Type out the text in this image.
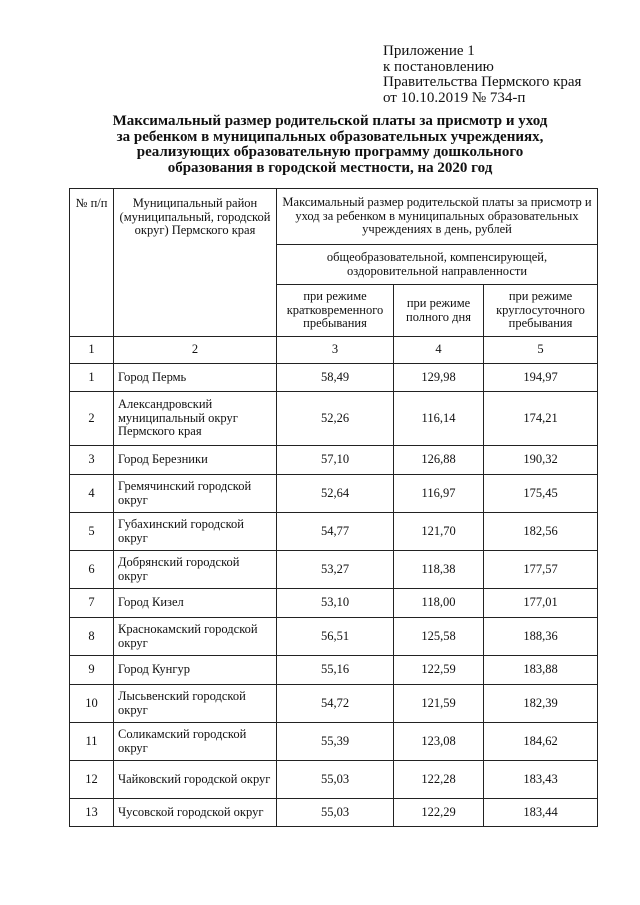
Приложение 1
к постановлению
Правительства Пермского края
от 10.10.2019 № 734-п
Максимальный размер родительской платы за присмотр и уход
за ребенком в муниципальных образовательных учреждениях,
реализующих образовательную программу дошкольного
образования в городской местности, на 2020 год
№ п/п	Муниципальный район (муниципальный, городской округ) Пермского края	Максимальный размер родительской платы за присмотр и уход за ребенком в муниципальных образовательных учреждениях в день, рублей		
		общеобразовательной, компенсирующей, оздоровительной направленности		
		при режиме кратковременного пребывания	при режиме полного дня	при режиме круглосуточного пребывания
1	2	3	4	5
1	Город Пермь	58,49	129,98	194,97
2	Александровский муниципальный округ Пермского края	52,26	116,14	174,21
3	Город Березники	57,10	126,88	190,32
4	Гремячинский городской округ	52,64	116,97	175,45
5	Губахинский городской округ	54,77	121,70	182,56
6	Добрянский городской округ	53,27	118,38	177,57
7	Город Кизел	53,10	118,00	177,01
8	Краснокамский городской округ	56,51	125,58	188,36
9	Город Кунгур	55,16	122,59	183,88
10	Лысьвенский городской округ	54,72	121,59	182,39
11	Соликамский городской округ	55,39	123,08	184,62
12	Чайковский городской округ	55,03	122,28	183,43
13	Чусовской городской округ	55,03	122,29	183,44
